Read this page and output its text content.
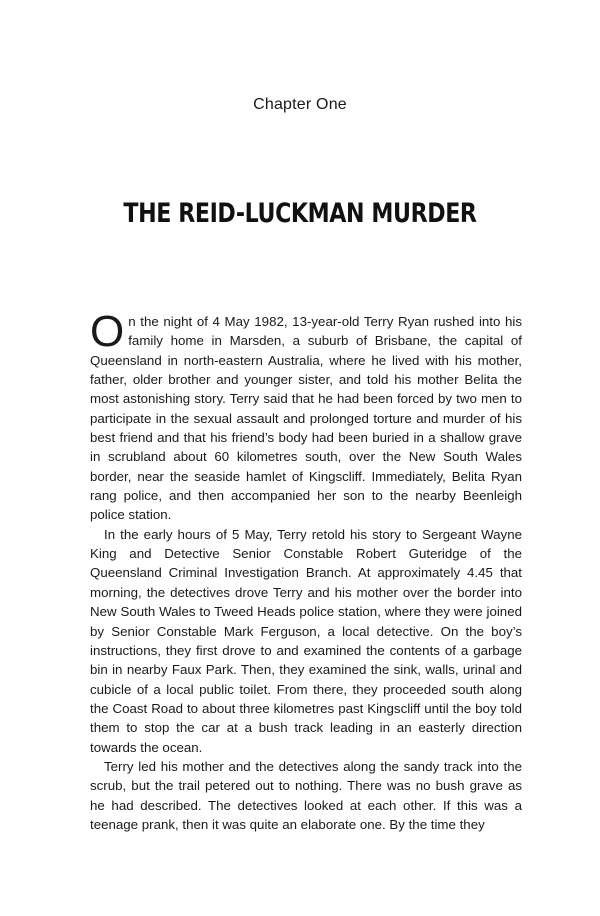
Chapter One
THE REID-LUCKMAN MURDER

On the night of 4 May 1982, 13-year-old Terry Ryan rushed into his family home in Marsden, a suburb of Brisbane, the capital of Queensland in north-eastern Australia, where he lived with his mother, father, older brother and younger sister, and told his mother Belita the most astonishing story. Terry said that he had been forced by two men to participate in the sexual assault and prolonged torture and murder of his best friend and that his friend’s body had been buried in a shallow grave in scrubland about 60 kilometres south, over the New South Wales border, near the seaside hamlet of Kingscliff. Immediately, Belita Ryan rang police, and then accompanied her son to the nearby Beenleigh police station.

In the early hours of 5 May, Terry retold his story to Sergeant Wayne King and Detective Senior Constable Robert Guteridge of the Queensland Criminal Investigation Branch. At approximately 4.45 that morning, the detectives drove Terry and his mother over the border into New South Wales to Tweed Heads police station, where they were joined by Senior Constable Mark Ferguson, a local detective. On the boy’s instructions, they first drove to and examined the contents of a garbage bin in nearby Faux Park. Then, they examined the sink, walls, urinal and cubicle of a local public toilet. From there, they proceeded south along the Coast Road to about three kilometres past Kingscliff until the boy told them to stop the car at a bush track leading in an easterly direction towards the ocean.

Terry led his mother and the detectives along the sandy track into the scrub, but the trail petered out to nothing. There was no bush grave as he had described. The detectives looked at each other. If this was a teenage prank, then it was quite an elaborate one. By the time they
